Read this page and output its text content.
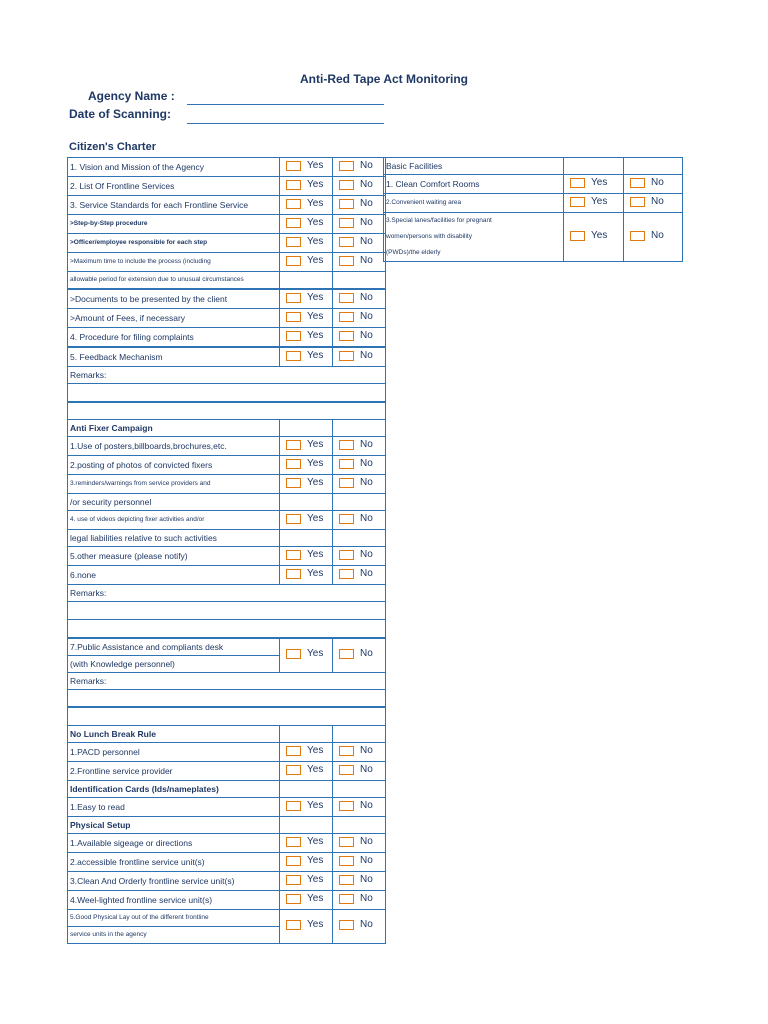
Anti-Red Tape Act Monitoring
Agency Name :
Date of Scanning:
Citizen's Charter
1. Vision and Mission of the Agency	Yes	No

2. List Of Frontline Services	Yes	No

3. Service Standards for each Frontline Service	Yes	No

>Step-by-Step procedure	Yes	No

>Officer/employee responsible for each step	Yes	No

>Maximum time to include the process (including	Yes	No

allowable period for extension due to unusual circumstances		
>Documents to be presented by the client	Yes	No

>Amount of Fees, if necessary	Yes	No

4. Procedure for filing complaints	Yes	No

5. Feedback Mechanism	Yes	No

Remarks:		

Anti Fixer Campaign		
1.Use of posters,billboards,brochures,etc.	Yes	No

2.posting of photos of convicted fixers	Yes	No

3.reminders/warnings from service providers and	Yes	No

/or security personnel		
4. use of videos depicting fixer activities and/or	Yes	No

legal liabilities relative to such activities		
5.other measure (please notify)	Yes	No

6.none	Yes	No

Remarks:		

7.Public Assistance and compliants desk	Yes	No

(with Knowledge personnel)		
Remarks:		

No Lunch Break Rule		
1.PACD personnel	Yes	No

2.Frontline service provider	Yes	No

Identification Cards (Ids/nameplates)		
1.Easy to read	Yes	No

Physical Setup		
1.Available sigeage or directions	Yes	No

2.accessible frontline service unit(s)	Yes	No

3.Clean And Orderly frontline service unit(s)	Yes	No

4.Weel-lighted frontline service unit(s)	Yes	No

5.Good Physical Lay out of the different frontline	Yes	No

service units in the agency		
Basic Facilities		
1. Clean Comfort Rooms	Yes	No

2.Convenient waiting area	Yes	No

3.Special lanes/facilities for pregnant	Yes	No

women/persons with disability		
(PWDs)/the elderly		
